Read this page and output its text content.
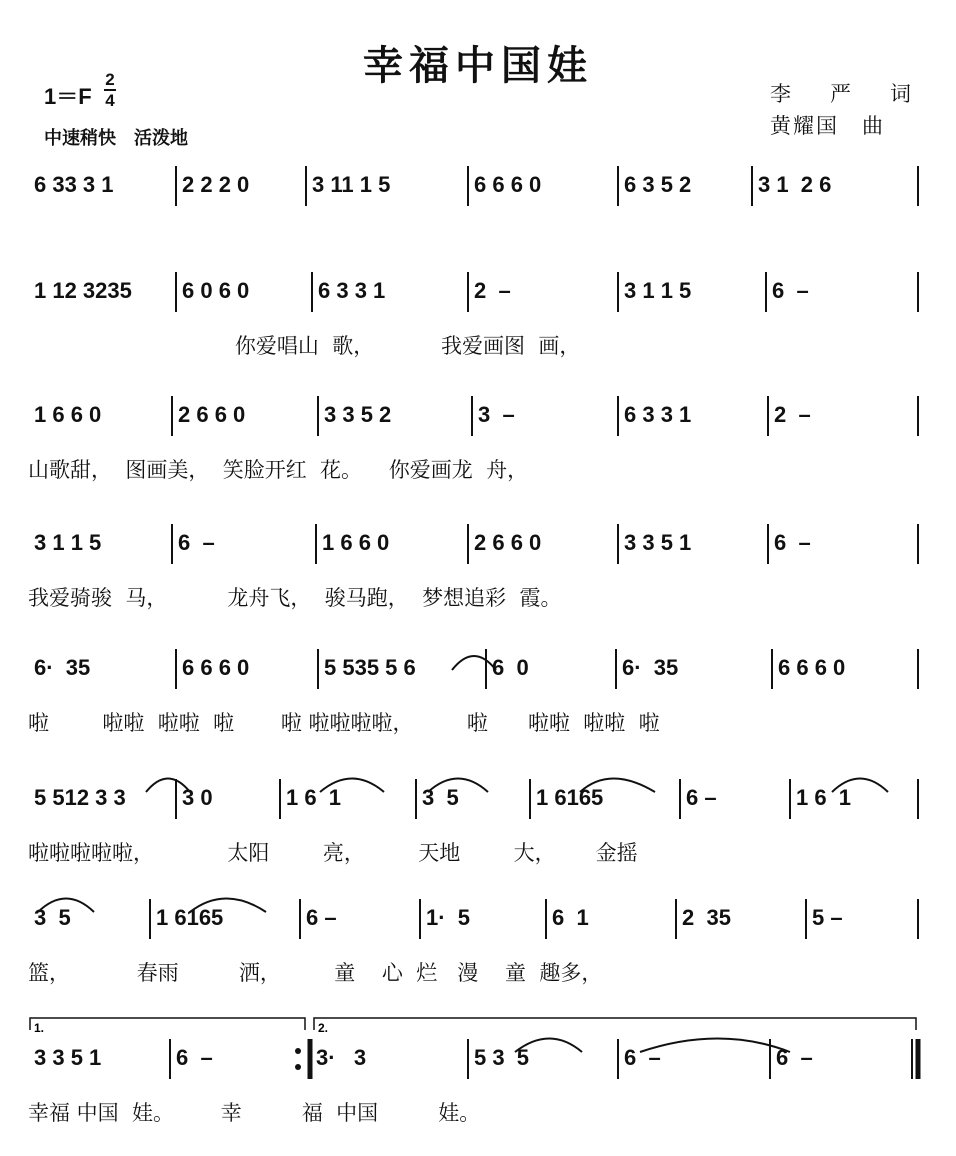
幸福中国娃
1＝F
2
4
中速稍快　活泼地
李　严　词
黄耀国　曲
6 33 3 1	2 2 2 0	3 11 1 5	6 6 6 0	6 3 5 2	3 1  2 6
1 12 3235	6 0 6 0	6 3 3 1	2  –	3 1 1 5	6  –
你爱唱山  歌，          我爱画图  画，
1 6 6 0	2 6 6 0	3 3 5 2	3  –	6 3 3 1	2  –
山歌甜，  图画美，  笑脸开红  花。    你爱画龙  舟，
3 1 1 5	6  –	1 6 6 0	2 6 6 0	3 3 5 1	6  –
我爱骑骏  马，         龙舟飞，  骏马跑，  梦想追彩  霞。
6·  35	6 6 6 0	5 535 5 6	6  0	6·  35	6 6 6 0
啦        啦啦  啦啦  啦       啦 啦啦啦啦，        啦      啦啦  啦啦  啦
5 512 3 3	3 0	1 6  1	3  5	1 6165	6 –	1 6  1
啦啦啦啦啦，           太阳        亮，        天地        大，      金摇
3  5	1 6165	6 –	1·  5	6  1	2  35	5 –
篮，          春雨         洒，        童    心  烂   漫    童  趣多，
3 3 5 1	6  –	3·   3	5 3  5	6  –	6  –
幸福 中国  娃。       幸         福  中国         娃。
1.	2.
